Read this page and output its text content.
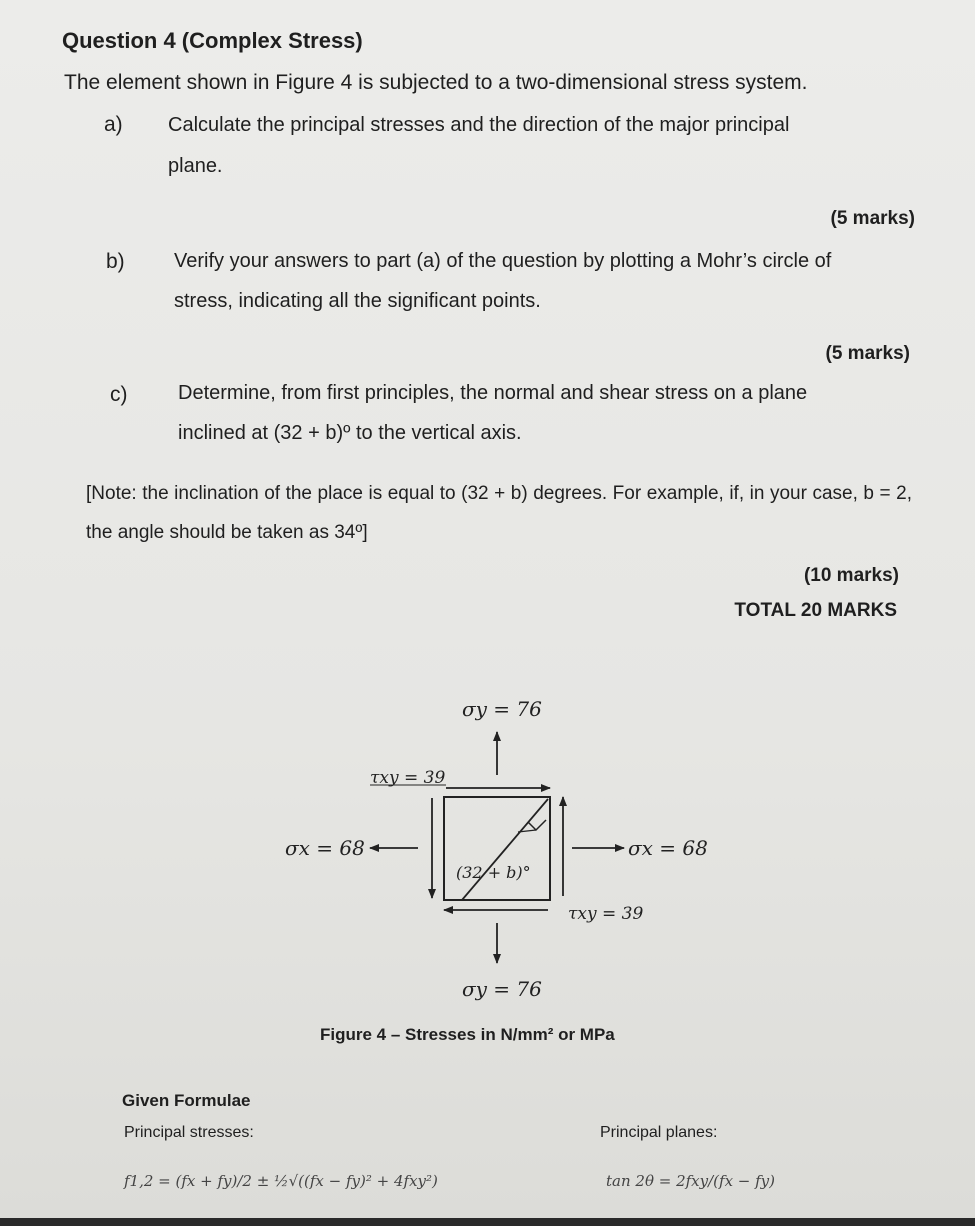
Question 4 (Complex Stress)
The element shown in Figure 4 is subjected to a two-dimensional stress system.
a) Calculate the principal stresses and the direction of the major principal
plane.
(5 marks)
b) Verify your answers to part (a) of the question by plotting a Mohr’s circle of
stress, indicating all the significant points.
(5 marks)
c)	Determine, from first principles, the normal and shear stress on a plane
inclined at (32 + b)º to the vertical axis.
[Note: the inclination of the place is equal to (32 + b) degrees. For example, if, in your case, b = 2, the angle should be taken as 34º]
(10 marks)
TOTAL 20 MARKS
σy = 76
σy = 76
σx = 68	σx = 68
τxy = 39
τxy = 39
(32 + b)°
Figure 4 – Stresses in N/mm² or MPa
Given Formulae
Principal stresses:	Principal planes:
f1,2 = (fx + fy)/2 ± ½√((fx − fy)² + 4fxy²)	tan 2θ = 2fxy/(fx − fy)
